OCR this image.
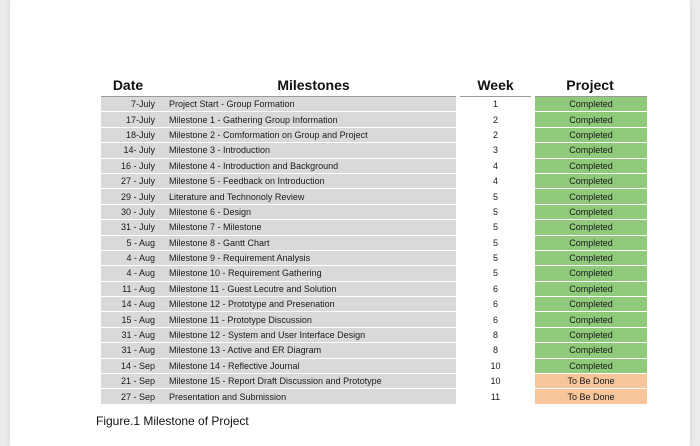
Date	Milestones	Week	Project
7-July	Project Start - Group Formation	1	Completed
17-July	Milestone 1 - Gathering Group Information	2	Completed
18-July	Milestone 2 - Comformation on Group and Project	2	Completed
14- July	Milestone 3 - Introduction	3	Completed
16 - July	Milestone 4 - Introduction and Background	4	Completed
27 - July	Milestone 5 - Feedback on Introduction	4	Completed
29 - July	Literature and Technonoly Review	5	Completed
30 - July	Milestone 6 - Design	5	Completed
31 - July	Milestone 7 - Milestone	5	Completed
5 - Aug	Milestone 8 - Gantt Chart	5	Completed
4 - Aug	Milestone 9 - Requirement Analysis	5	Completed
4 - Aug	Milestone 10 - Requirement Gathering	5	Completed
11 - Aug	Milestone 11 - Guest Lecutre and Solution	6	Completed
14 - Aug	Milestone 12 - Prototype and Presenation	6	Completed
15 - Aug	Milestone 11 - Prototype Discussion	6	Completed
31 - Aug	Milestone 12 - System and User Interface Design	8	Completed
31 - Aug	Milestone 13 - Active and ER Diagram	8	Completed
14 - Sep	Milestone 14 - Reflective Journal	10	Completed
21 - Sep	Milestone 15 - Report Draft Discussion and Prototype	10	To Be Done
27 - Sep	Presentation and Submission	11	To Be Done
Figure.1 Milestone of Project
